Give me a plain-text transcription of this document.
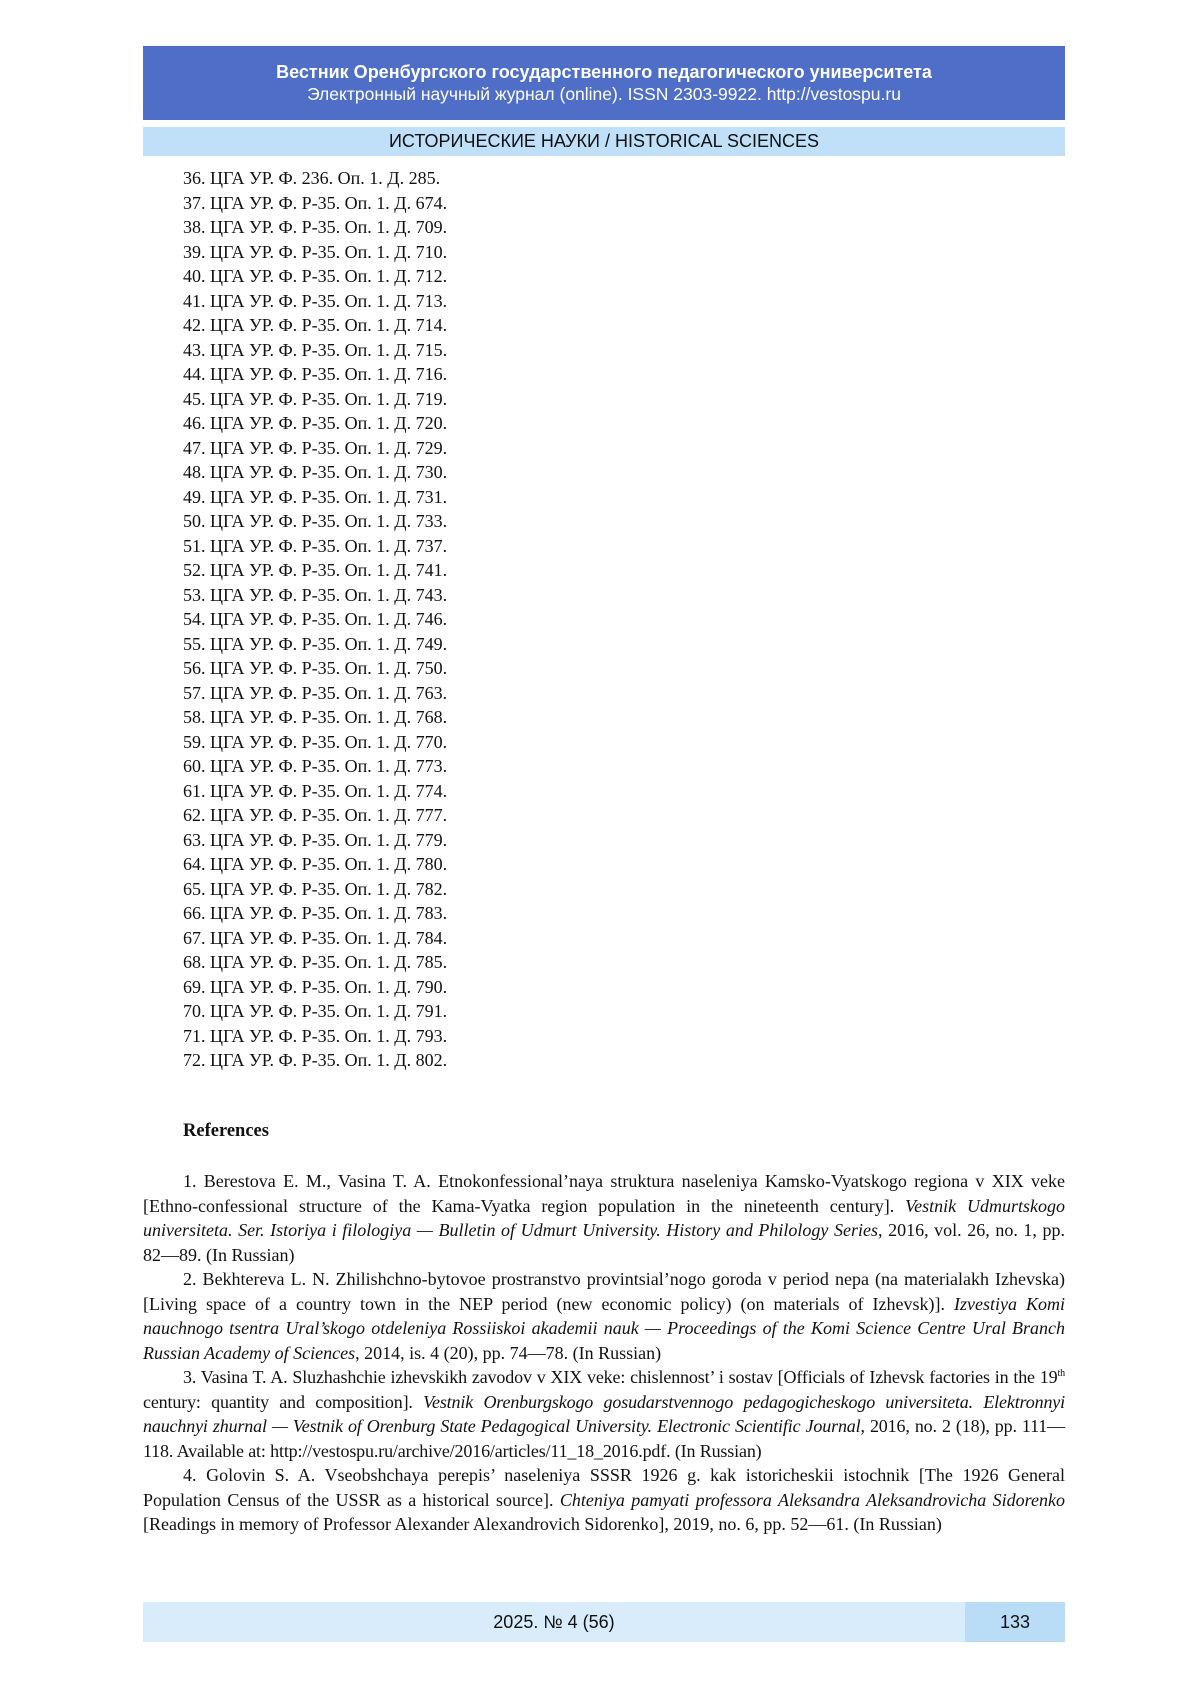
Вестник Оренбургского государственного педагогического университета
Электронный научный журнал (online). ISSN 2303-9922. http://vestospu.ru
ИСТОРИЧЕСКИЕ НАУКИ / HISTORICAL SCIENCES
36. ЦГА УР. Ф. 236. Оп. 1. Д. 285.
37. ЦГА УР. Ф. Р-35. Оп. 1. Д. 674.
38. ЦГА УР. Ф. Р-35. Оп. 1. Д. 709.
39. ЦГА УР. Ф. Р-35. Оп. 1. Д. 710.
40. ЦГА УР. Ф. Р-35. Оп. 1. Д. 712.
41. ЦГА УР. Ф. Р-35. Оп. 1. Д. 713.
42. ЦГА УР. Ф. Р-35. Оп. 1. Д. 714.
43. ЦГА УР. Ф. Р-35. Оп. 1. Д. 715.
44. ЦГА УР. Ф. Р-35. Оп. 1. Д. 716.
45. ЦГА УР. Ф. Р-35. Оп. 1. Д. 719.
46. ЦГА УР. Ф. Р-35. Оп. 1. Д. 720.
47. ЦГА УР. Ф. Р-35. Оп. 1. Д. 729.
48. ЦГА УР. Ф. Р-35. Оп. 1. Д. 730.
49. ЦГА УР. Ф. Р-35. Оп. 1. Д. 731.
50. ЦГА УР. Ф. Р-35. Оп. 1. Д. 733.
51. ЦГА УР. Ф. Р-35. Оп. 1. Д. 737.
52. ЦГА УР. Ф. Р-35. Оп. 1. Д. 741.
53. ЦГА УР. Ф. Р-35. Оп. 1. Д. 743.
54. ЦГА УР. Ф. Р-35. Оп. 1. Д. 746.
55. ЦГА УР. Ф. Р-35. Оп. 1. Д. 749.
56. ЦГА УР. Ф. Р-35. Оп. 1. Д. 750.
57. ЦГА УР. Ф. Р-35. Оп. 1. Д. 763.
58. ЦГА УР. Ф. Р-35. Оп. 1. Д. 768.
59. ЦГА УР. Ф. Р-35. Оп. 1. Д. 770.
60. ЦГА УР. Ф. Р-35. Оп. 1. Д. 773.
61. ЦГА УР. Ф. Р-35. Оп. 1. Д. 774.
62. ЦГА УР. Ф. Р-35. Оп. 1. Д. 777.
63. ЦГА УР. Ф. Р-35. Оп. 1. Д. 779.
64. ЦГА УР. Ф. Р-35. Оп. 1. Д. 780.
65. ЦГА УР. Ф. Р-35. Оп. 1. Д. 782.
66. ЦГА УР. Ф. Р-35. Оп. 1. Д. 783.
67. ЦГА УР. Ф. Р-35. Оп. 1. Д. 784.
68. ЦГА УР. Ф. Р-35. Оп. 1. Д. 785.
69. ЦГА УР. Ф. Р-35. Оп. 1. Д. 790.
70. ЦГА УР. Ф. Р-35. Оп. 1. Д. 791.
71. ЦГА УР. Ф. Р-35. Оп. 1. Д. 793.
72. ЦГА УР. Ф. Р-35. Оп. 1. Д. 802.
References

1. Berestova E. M., Vasina T. A. Etnokonfessional’naya struktura naseleniya Kamsko-Vyatskogo regiona v XIX veke [Ethno-confessional structure of the Kama-Vyatka region population in the nineteenth century]. Vestnik Udmurtskogo universiteta. Ser. Istoriya i filologiya — Bulletin of Udmurt University. History and Philology Series, 2016, vol. 26, no. 1, pp. 82—89. (In Russian)

2. Bekhtereva L. N. Zhilishchno-bytovoe prostranstvo provintsial’nogo goroda v period nepa (na materialakh Izhevska) [Living space of a country town in the NEP period (new economic policy) (on materials of Izhevsk)]. Izvestiya Komi nauchnogo tsentra Ural’skogo otdeleniya Rossiiskoi akademii nauk — Proceedings of the Komi Science Centre Ural Branch Russian Academy of Sciences, 2014, is. 4 (20), pp. 74—78. (In Russian)

3. Vasina T. A. Sluzhashchie izhevskikh zavodov v XIX veke: chislennost’ i sostav [Officials of Izhevsk factories in the 19th century: quantity and composition]. Vestnik Orenburgskogo gosudarstvennogo pedagogicheskogo universiteta. Elektronnyi nauchnyi zhurnal — Vestnik of Orenburg State Pedagogical University. Electronic Scientific Journal, 2016, no. 2 (18), pp. 111—118. Available at: http://vestospu.ru/archive/2016/articles/11_18_2016.pdf. (In Russian)

4. Golovin S. A. Vseobshchaya perepis’ naseleniya SSSR 1926 g. kak istoricheskii istochnik [The 1926 General Population Census of the USSR as a historical source]. Chteniya pamyati professora Aleksandra Aleksandrovicha Sidorenko [Readings in memory of Professor Alexander Alexandrovich Sidorenko], 2019, no. 6, pp. 52—61. (In Russian)

2025. № 4 (56)	133
